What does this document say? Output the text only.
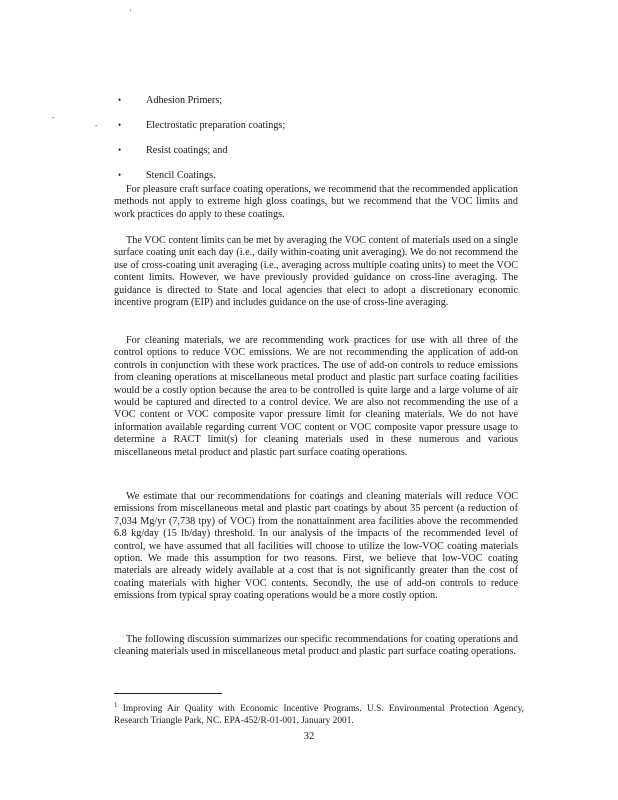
'
-
-
•	Adhesion Primers;
•	Electrostatic preparation coatings;
•	Resist coatings; and
•	Stencil Coatings.

For pleasure craft surface coating operations, we recommend that the recommended application methods not apply to extreme high gloss coatings, but we recommend that the VOC limits and work practices do apply to these coatings.

The VOC content limits can be met by averaging the VOC content of materials used on a single surface coating unit each day (i.e., daily within-coating unit averaging). We do not recommend the use of cross-coating unit averaging (i.e., averaging across multiple coating units) to meet the VOC content limits. However, we have previously provided guidance on cross-line averaging. The guidance is directed to State and local agencies that elect to adopt a discretionary economic incentive program (EIP) and includes guidance on the use of cross-line averaging.

For cleaning materials, we are recommending work practices for use with all three of the control options to reduce VOC emissions. We are not recommending the application of add-on controls in conjunction with these work practices. The use of add-on controls to reduce emissions from cleaning operations at miscellaneous metal product and plastic part surface coating facilities would be a costly option because the area to be controlled is quite large and a large volume of air would be captured and directed to a control device. We are also not recommending the use of a VOC content or VOC composite vapor pressure limit for cleaning materials. We do not have information available regarding current VOC content or VOC composite vapor pressure usage to determine a RACT limit(s) for cleaning materials used in these numerous and various miscellaneous metal product and plastic part surface coating operations.

We estimate that our recommendations for coatings and cleaning materials will reduce VOC emissions from miscellaneous metal and plastic part coatings by about 35 percent (a reduction of 7,034 Mg/yr (7,738 tpy) of VOC) from the nonattainment area facilities above the recommended 6.8 kg/day (15 lb/day) threshold. In our analysis of the impacts of the recommended level of control, we have assumed that all facilities will choose to utilize the low-VOC coating materials option. We made this assumption for two reasons. First, we believe that low-VOC coating materials are already widely available at a cost that is not significantly greater than the cost of coating materials with higher VOC contents. Secondly, the use of add-on controls to reduce emissions from typical spray coating operations would be a more costly option.

The following discussion summarizes our specific recommendations for coating operations and cleaning materials used in miscellaneous metal product and plastic part surface coating operations.

$^1$ Improving Air Quality with Economic Incentive Programs. U.S. Environmental Protection Agency, Research Triangle Park, NC. EPA-452/R-01-001. January 2001.

32
